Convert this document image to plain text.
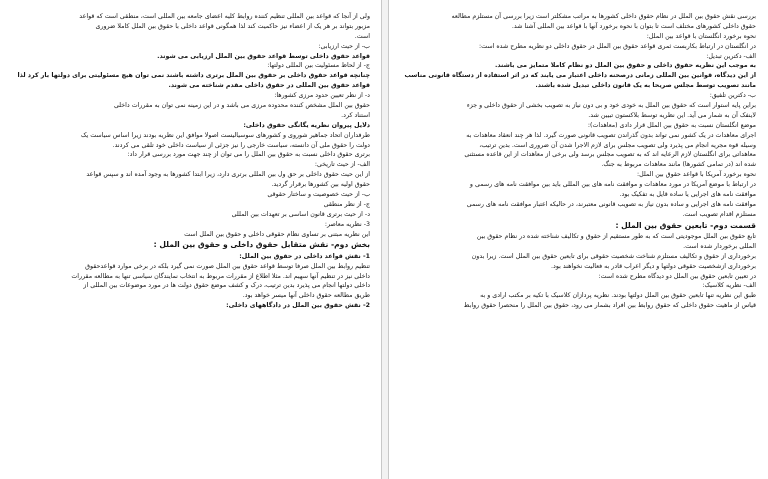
ولی از آنجا که قواعد بین المللی تنظیم کننده روابط کلیه اعضای جامعه بین المللی است، منطقی است که قواعد

مزبور بتواند بر هر یک از اعضاء نیز حاکمیت کند لذا همگونی قواعد داخلی با حقوق بین الملل کاملا ضروری

است.

ب- از حیث ارزیابی:

قواعد حقوق داخلی توسط قواعد حقوق بین الملل ارزیابی می شوند.

ج- از لحاظ مسئولیت بین المللی دولتها:

چنانچه قواعد حقوق داخلی بر حقوق بین الملل برتری داشته باشند نمی توان هیچ مسئولیتی برای دولتها بار کرد لذا

قواعد حقوق بین المللی در حقوق داخلی مقدم شناخته می شوند.

د- از نظر تعیین حدود مرزی کشورها:

حقوق بین الملل مشخص کننده محدوده مرزی می باشد و در این زمینه نمی توان به مقررات داخلی

استناد کرد.

دلایل پیروان نظریه یگانگی حقوق داخلی:

طرفداران اتحاد جماهیر شوروی و کشورهای سوسیالیست اصولا موافق این نظریه بودند زیرا اساس سیاست یک

دولت را حقوق ملی آن دانسته، سیاست خارجی را نیز جزئی از سیاست داخلی خود تلقی می کردند.

برتری حقوق داخلی نسبت به حقوق بین الملل را می توان از چند جهت مورد بررسی قرار داد:

الف- از حیث تاریخی:

از این حیث حقوق داخلی بر حق ول بین المللی برتری دارد، زیرا ابتدا کشورها به وجود آمده اند و سپس قواعد

حقوق اولیه بین کشورها برقرار گردید.

ب- از حیث خصوصیت و ساختار حقوقی

ج- از نظر منطقی

د- از حیث برتری قانون اساسی بر تعهدات بین المللی

3- نظریه معاصر:

این نظریه مبتنی بر تساوی نظام حقوقی داخلی و حقوق بین الملل است

بخش دوم- نقش متقابل حقوق داخلی و حقوق بین الملل :

1- نقش قواعد داخلی در حقوق بین الملل:

تنظیم روابط بین الملل صرفا توسط قواعد حقوق بین الملل صورت نمی گیرد بلکه در برخی موارد قواعدحقوق

داخلی نیز در تنظیم آنها سهیم اند. مثلا اطلاع از مقررات مربوط به انتخاب نمایندگان سیاسی تنها به مطالعه مقررات

داخلی دولتها انجام می پذیرد بدین ترتیب، درک و کشف موضع حقوق دولت ها در مورد موضوعات بین المللی از

طریق مطالعه حقوق داخلی آنها میسر خواهد بود.

2- نقش حقوق بین الملل در دادگاههای داخلی:

بررسی نقش حقوق بین الملل در نظام حقوق داخلی کشورها به مراتب مشکلتر است زیرا بررسی آن مستلزم مطالعه

حقوق داخلی کشورهای مختلف است تا بتوان با نحوه برخورد آنها با قواعد بین المللی آشنا شد.

نحوه برخورد انگلستان با قواعد بین الملل:

در انگلستان در ارتباط بکاربست ثمری قواعد حقوق بین الملل در حقوق داخلی دو نظریه مطرح شده است:

الف- دکترین تبدیل:

به موجب این نظریه حقوق داخلی و حقوق بین الملل دو نظام کاملا متمایز می باشند.

از این دیدگاه، قوانین بین المللی زمانی درصحنه داخلی اعتبار می یابند که در اثر استفاده از دستگاه قانونی مناسب

مانند تصویب توسط مجلس صریحا به یک قانون داخلی تبدیل شده باشند.

ب- دکترین تلفیق:

براین پایه استوار است که حقوق بین الملل به خودی خود و بی دون نیاز به تصویب بخشی از حقوق داخلی و جزء

لاینفک آن به شمار می آید. این نظریه توسط بلاکستون تبیین شد.

موضع انگلستان نسبت به حقوق بین الملل قرار دادی (معاهدات):

اجرای معاهدات در یک کشور نمی تواند بدون گذراندن تصویب قانونی صورت گیرد. لذا هر چند انعقاد معاهدات به

وسیله قوه مجریه انجام می پذیرد ولی تصویب مجلس برای لازم الاجرا شدن آن ضروری است. بدین ترتیب،

معاهداتی برای انگلستان لازم الرعایه اند که به تصویب مجلس برسد ولی برخی از معاهدات از این قاعده مستثنی

شده اند (در تمامی کشورها) مانند معاهدات مربوط به جنگ.

نحوه برخورد آمریکا با قواعد حقوق بین الملل:

در ارتباط با موضع آمریکا در مورد معاهدات و موافقت نامه های بین المللی باید بین موافقت نامه های رسمی و

موافقت نامه های اجرایی یا ساده قایل به تفکیک بود.

موافقت نامه های اجرایی و ساده بدون نیاز به تصویب قانونی معتبرند، در حالیکه اعتبار موافقت نامه های رسمی

مستلزم اقدام تصویب است.

قسمت دوم- تابعین حقوق بین الملل :

تابع حقوق بین الملل موجودیتی است که به طور مستقیم از حقوق و تکالیف شناخته شده در نظام حقوق بین

المللی برخوردار شده است.

برخورداری از حقوق و تکالیف مستلزم شناخت شخصیت حقوقی برای تابعین حقوق بین الملل است. زیرا بدون

برخورداری ازشخصیت حقوقی دولتها و دیگر اعراب قادر به فعالیت نخواهند بود.

در تعیین تابعین حقوق بین الملل دو دیدگاه مطرح شده است:

الف- نظریه کلاسیک:

طبق این نظریه تنها تابعین حقوق بین الملل دولتها بودند. نظریه پردازان کلاسیک با تکیه بر مکتب ارادی و به

قیاس از ماهیت حقوق داخلی که حقوق روابط بین افراد بشمار می رود، حقوق بین الملل را منحصرا حقوق روابط
